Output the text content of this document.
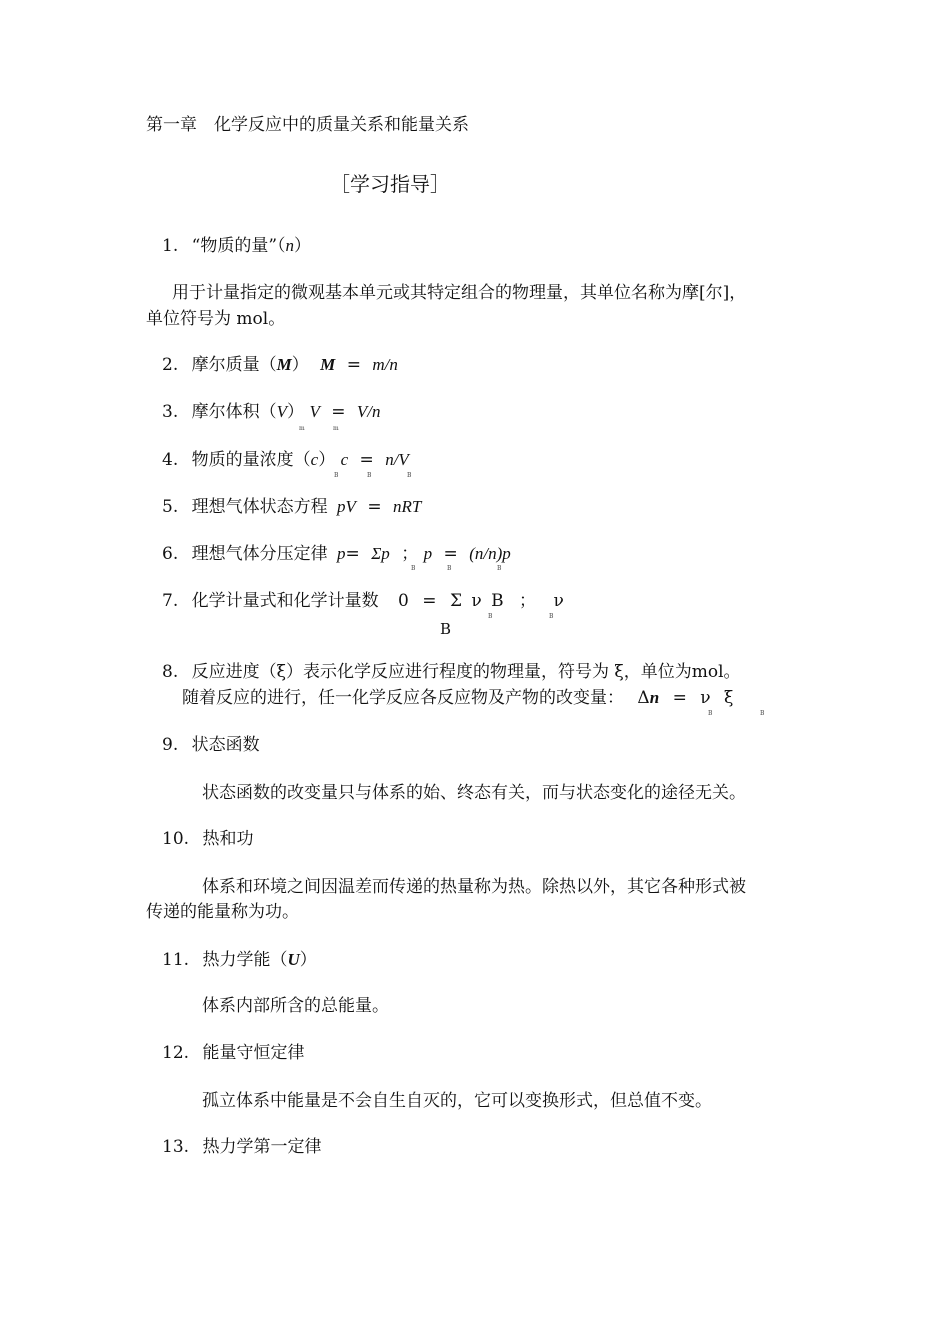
第一章　化学反应中的质量关系和能量关系
［学习指导］
1. “物质的量”（n）
用于计量指定的微观基本单元或其特定组合的物理量，其单位名称为摩[尔]，
单位符号为 mol。
2. 摩尔质量（M） M = m/n
3. 摩尔体积（V） V = V/n
m	m
4. 物质的量浓度（c） c = n/V
B	B	B
5. 理想气体状态方程 pV = nRT
6. 理想气体分压定律 p= Σp ； p = (n/n)p
B	B	B
7. 化学计量式和化学计量数 0 = Σ ν B ； ν
B	B
B
8. 反应进度（ξ）表示化学反应进行程度的物理量，符号为 ξ，单位为mol。
随着反应的进行，任一化学反应各反应物及产物的改变量： Δn = ν ξ
B	B
9. 状态函数
状态函数的改变量只与体系的始、终态有关，而与状态变化的途径无关。
10. 热和功
体系和环境之间因温差而传递的热量称为热。除热以外，其它各种形式被
传递的能量称为功。
11. 热力学能（U）
体系内部所含的总能量。
12. 能量守恒定律
孤立体系中能量是不会自生自灭的，它可以变换形式，但总值不变。
13. 热力学第一定律
